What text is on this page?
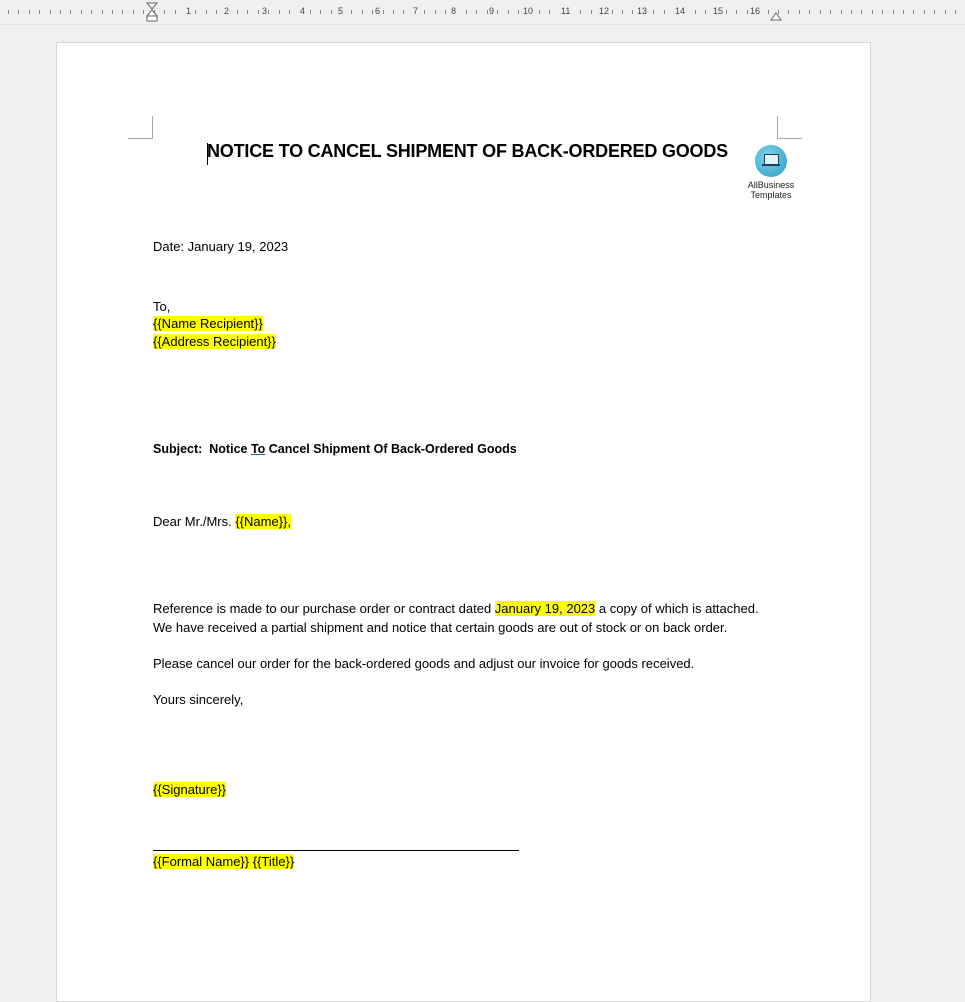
1	2	3	4	5	6	7	8	9	10	11	12	13	14	15	16
NOTICE TO CANCEL SHIPMENT OF BACK-ORDERED GOODS
AllBusiness
Templates
Date: January 19, 2023
To,
{{Name Recipient}}
{{Address Recipient}}
Subject: Notice To Cancel Shipment Of Back-Ordered Goods
Dear Mr./Mrs. {{Name}},
Reference is made to our purchase order or contract dated January 19, 2023 a copy of which is attached.
We have received a partial shipment and notice that certain goods are out of stock or on back order.
Please cancel our order for the back-ordered goods and adjust our invoice for goods received.
Yours sincerely,
{{Signature}}
{{Formal Name}} {{Title}}
